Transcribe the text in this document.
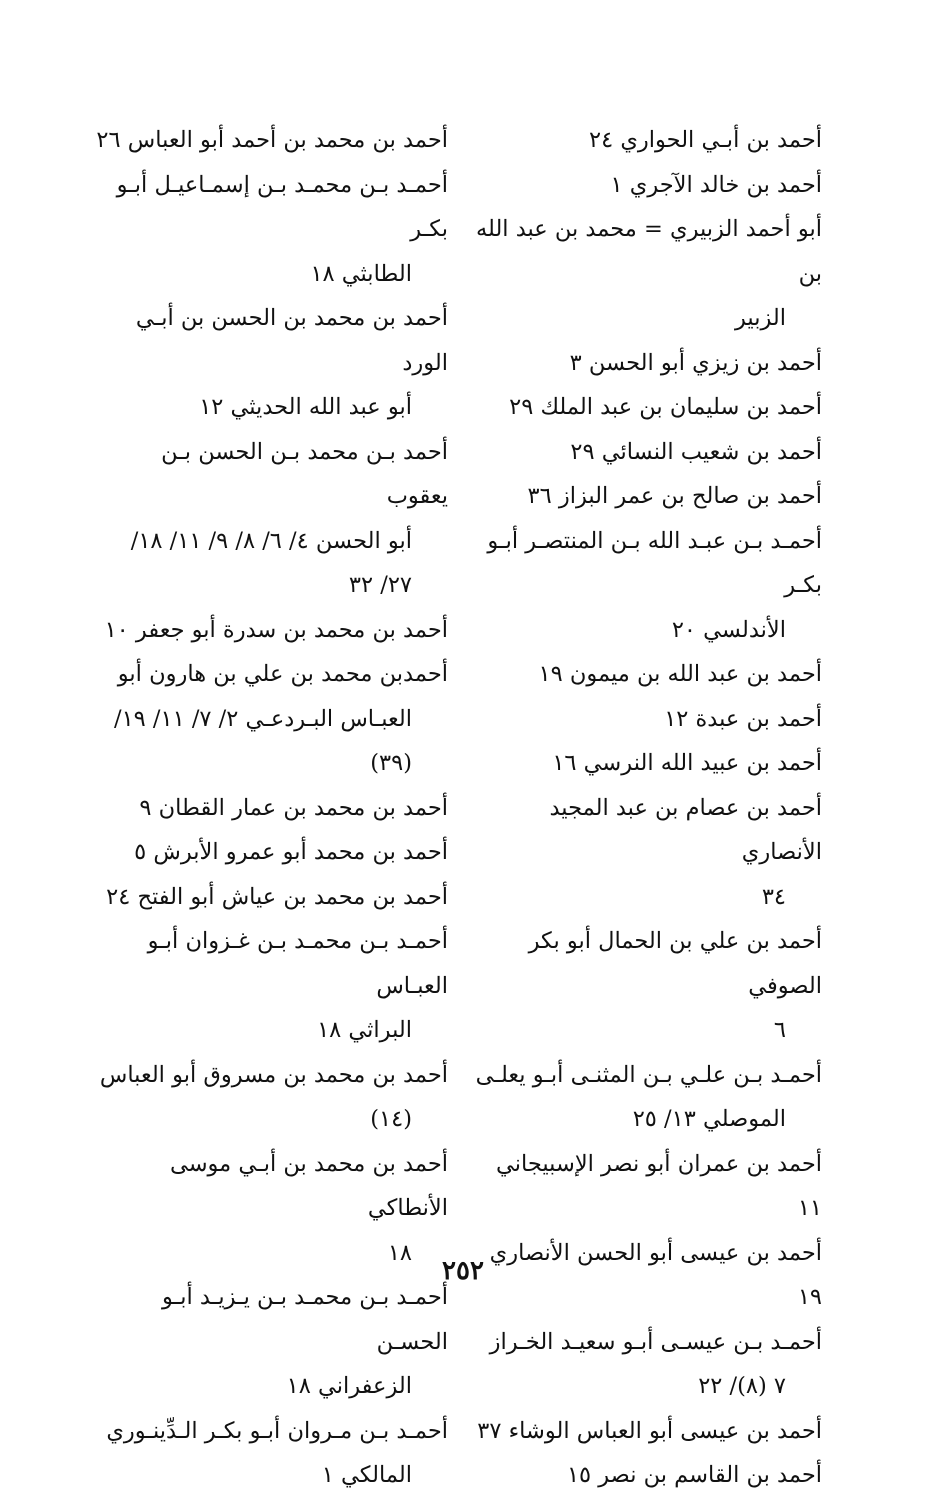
أحمد بن أبـي الحواري ٢٤
أحمد بن خالد الآجري ١
أبو أحمد الزبيري = محمد بن عبد الله بن
الزبير
أحمد بن زيزي أبو الحسن ٣
أحمد بن سليمان بن عبد الملك ٢٩
أحمد بن شعيب النسائي ٢٩
أحمد بن صالح بن عمر البزاز ٣٦
أحمـد بـن عبـد الله بـن المنتصـر أبـو بكـر
الأندلسي ٢٠
أحمد بن عبد الله بن ميمون ١٩
أحمد بن عبدة ١٢
أحمد بن عبيد الله النرسي ١٦
أحمد بن عصام بن عبد المجيد الأنصاري
٣٤
أحمد بن علي بن الحمال أبو بكر الصوفي
٦
أحمـد بـن علـي بـن المثنـى أبـو يعلـى
الموصلي ١٣/ ٢٥
أحمد بن عمران أبو نصر الإسبيجاني ١١
أحمد بن عيسى أبو الحسن الأنصاري ١٩
أحمـد بـن عيسـى أبـو سعيـد الخـراز
٧ (٨)/ ٢٢
أحمد بن عيسى أبو العباس الوشاء ٣٧
أحمد بن القاسم بن نصر ١٥
أحمد بن محمد بن أحمد أبو العباس ٢٦
أحمـد بـن محمـد بـن إسمـاعيـل أبـو بكـر
الطابثي ١٨
أحمد بن محمد بن الحسن بن أبـي الورد
أبو عبد الله الحديثي ١٢
أحمد بـن محمد بـن الحسن بـن يعقوب
أبو الحسن ٤/ ٦/ ٨/ ٩/ ١١/ ١٨/
٢٧/ ٣٢
أحمد بن محمد بن سدرة أبو جعفر ١٠
أحمدبن محمد بن علي بن هارون أبو
العبـاس البـردعـي ٢/ ٧/ ١١/ ١٩/
(٣٩)
أحمد بن محمد بن عمار القطان ٩
أحمد بن محمد أبو عمرو الأبرش ٥
أحمد بن محمد بن عياش أبو الفتح ٢٤
أحمـد بـن محمـد بـن غـزوان أبـو العبـاس
البراثي ١٨
أحمد بن محمد بن مسروق أبو العباس
(١٤)
أحمد بن محمد بن أبـي موسى الأنطاكي
١٨
أحمـد بـن محمـد بـن يـزيـد أبـو الحسـن
الزعفراني ١٨
أحمـد بـن مـروان أبـو بكـر الـدِّينـوري
المالكي ١
٢٥٢
